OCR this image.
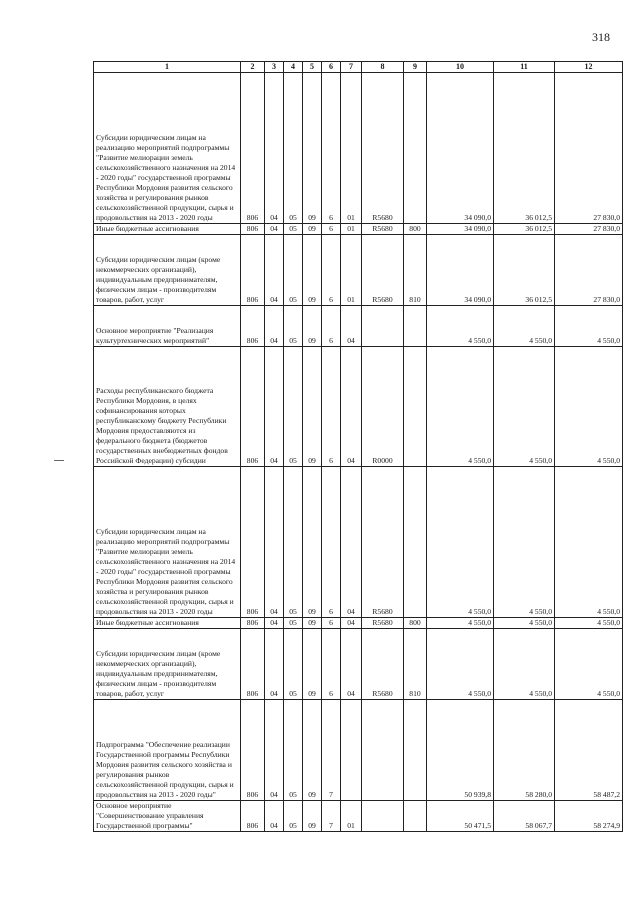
318
1	2	3	4	5	6	7	8	9	10	11	12
Субсидии юридическим лицам на реализацию мероприятий подпрограммы "Развитие мелиорации земель сельскохозяйственного назначения на 2014 - 2020 годы" государственной программы Республики Мордовия развития сельского хозяйства и регулирования рынков сельскохозяйственной продукции, сырья и продовольствия на 2013 - 2020 годы	806	04	05	09	6	01	R5680		34 090,0	36 012,5	27 830,0
Иные бюджетные ассигнования	806	04	05	09	6	01	R5680	800	34 090,0	36 012,5	27 830,0
Субсидии юридическим лицам (кроме некоммерческих организаций), индивидуальным предпринимателям, физическим лицам - производителям товаров, работ, услуг	806	04	05	09	6	01	R5680	810	34 090,0	36 012,5	27 830,0
Основное мероприятие "Реализация культуртехнических мероприятий"	806	04	05	09	6	04			4 550,0	4 550,0	4 550,0
Расходы республиканского бюджета Республики Мордовия, в целях софинансирования которых республиканскому бюджету Республики Мордовия предоставляются из федерального бюджета (бюджетов государственных внебюджетных фондов Российской Федерации) субсидии	806	04	05	09	6	04	R0000		4 550,0	4 550,0	4 550,0
Субсидии юридическим лицам на реализацию мероприятий подпрограммы "Развитие мелиорации земель сельскохозяйственного назначения на 2014 - 2020 годы" государственной программы Республики Мордовия развития сельского хозяйства и регулирования рынков сельскохозяйственной продукции, сырья и продовольствия на 2013 - 2020 годы	806	04	05	09	6	04	R5680		4 550,0	4 550,0	4 550,0
Иные бюджетные ассигнования	806	04	05	09	6	04	R5680	800	4 550,0	4 550,0	4 550,0
Субсидии юридическим лицам (кроме некоммерческих организаций), индивидуальным предпринимателям, физическим лицам - производителям товаров, работ, услуг	806	04	05	09	6	04	R5680	810	4 550,0	4 550,0	4 550,0
Подпрограмма "Обеспечение реализации Государственной программы Республики Мордовия развития сельского хозяйства и регулирования рынков сельскохозяйственной продукции, сырья и продовольствия на 2013 - 2020 годы"	806	04	05	09	7				50 939,8	58 280,0	58 487,2
Основное мероприятие "Совершенствование управления Государственной программы"	806	04	05	09	7	01			50 471,5	58 067,7	58 274,9
